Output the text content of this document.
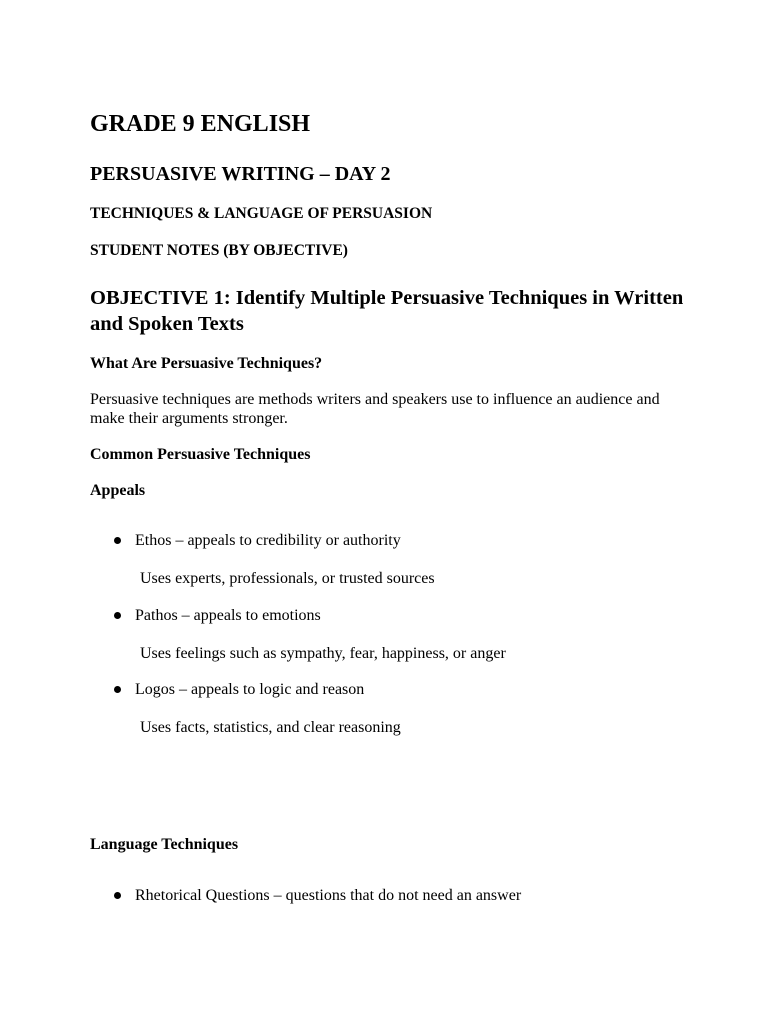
GRADE 9 ENGLISH
PERSUASIVE WRITING – DAY 2
TECHNIQUES & LANGUAGE OF PERSUASION
STUDENT NOTES (BY OBJECTIVE)
OBJECTIVE 1: Identify Multiple Persuasive Techniques in Written and Spoken Texts
What Are Persuasive Techniques?

Persuasive techniques are methods writers and speakers use to influence an audience and make their arguments stronger.

Common Persuasive Techniques
Appeals
Ethos – appeals to credibility or authority
Uses experts, professionals, or trusted sources
Pathos – appeals to emotions
Uses feelings such as sympathy, fear, happiness, or anger
Logos – appeals to logic and reason
Uses facts, statistics, and clear reasoning
Language Techniques
Rhetorical Questions – questions that do not need an answer
